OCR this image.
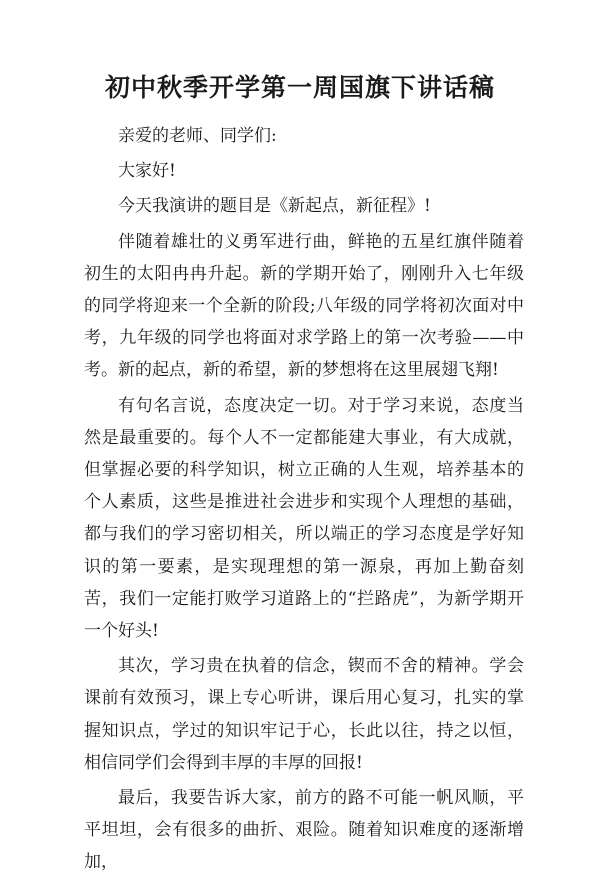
初中秋季开学第一周国旗下讲话稿

亲爱的老师、同学们:

大家好!

今天我演讲的题目是《新起点，新征程》!

伴随着雄壮的义勇军进行曲，鲜艳的五星红旗伴随着初生的太阳冉冉升起。新的学期开始了，刚刚升入七年级的同学将迎来一个全新的阶段;八年级的同学将初次面对中考，九年级的同学也将面对求学路上的第一次考验——中考。新的起点，新的希望，新的梦想将在这里展翅飞翔!

有句名言说，态度决定一切。对于学习来说，态度当然是最重要的。每个人不一定都能建大事业，有大成就，但掌握必要的科学知识，树立正确的人生观，培养基本的个人素质，这些是推进社会进步和实现个人理想的基础，都与我们的学习密切相关，所以端正的学习态度是学好知识的第一要素，是实现理想的第一源泉，再加上勤奋刻苦，我们一定能打败学习道路上的“拦路虎”，为新学期开一个好头!

其次，学习贵在执着的信念，锲而不舍的精神。学会课前有效预习，课上专心听讲，课后用心复习，扎实的掌握知识点，学过的知识牢记于心，长此以往，持之以恒，相信同学们会得到丰厚的丰厚的回报!

最后，我要告诉大家，前方的路不可能一帆风顺，平平坦坦，会有很多的曲折、艰险。随着知识难度的逐渐增加，
